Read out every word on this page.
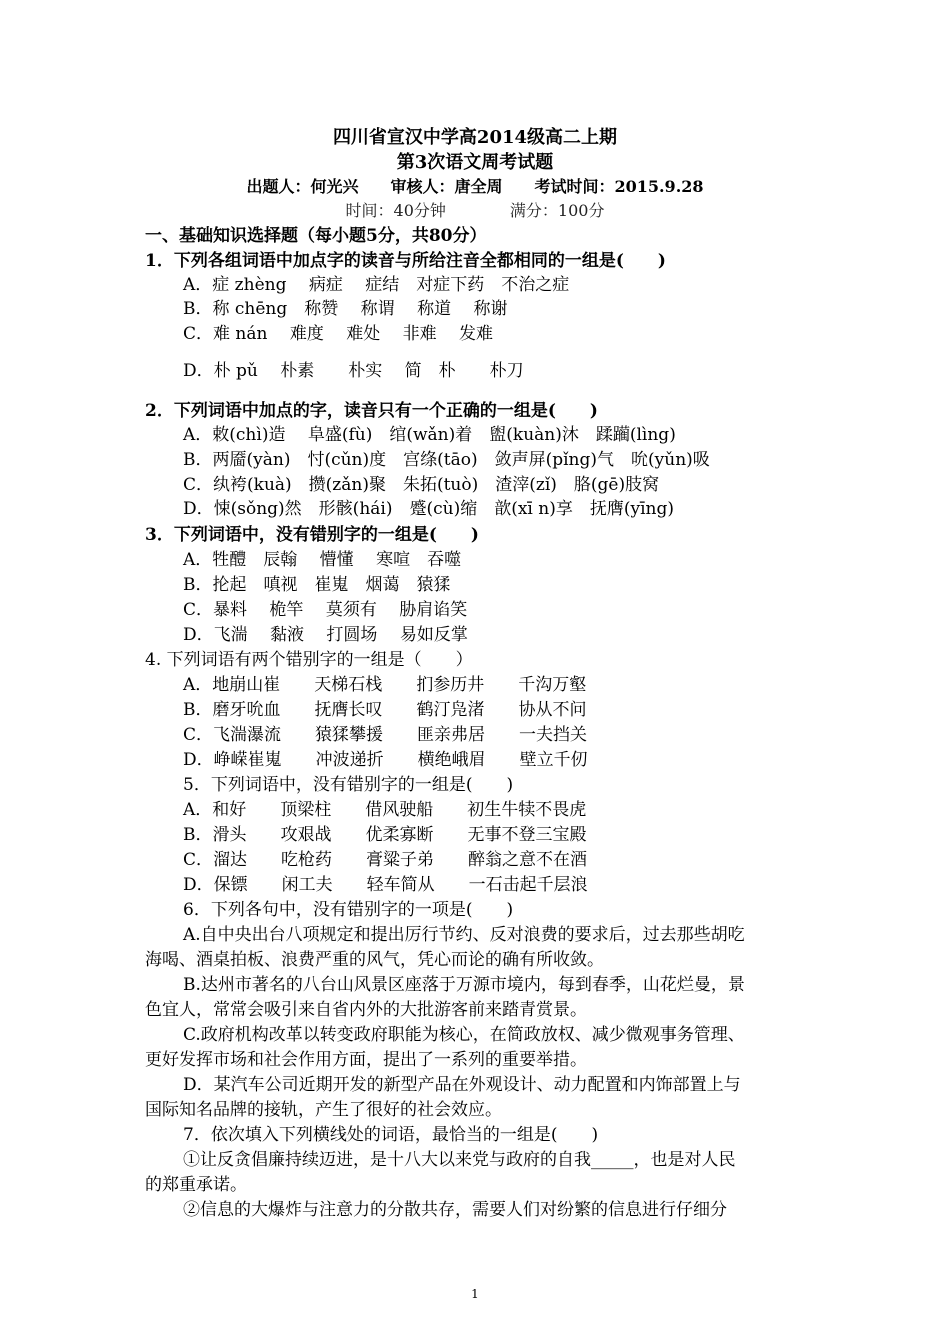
四川省宣汉中学高2014级高二上期
第3次语文周考试题
出题人：何光兴　　审核人：唐全周　　考试时间：2015.9.28
时间：40分钟　　　　满分：100分
一、基础知识选择题（每小题5分，共80分）
1．下列各组词语中加点字的读音与所给注音全都相同的一组是(　　)
A．症 zhèng　 病症　 症结　对症下药　不治之症
B．称 chēng　称赞　 称谓　 称道　 称谢
C．难 nán　 难度　 难处　 非难　 发难
D．朴 pǔ　 朴素　　朴实　 简　朴　　朴刀
2．下列词语中加点的字，读音只有一个正确的一组是(　　)
A．敕(chì)造　 阜盛(fù)　绾(wǎn)着　盥(kuàn)沐　蹂躏(lìng)
B．两靥(yàn)　忖(cǔn)度　宫绦(tāo)　敛声屏(pǐng)气　吮(yǔn)吸
C．纨袴(kuà)　攒(zǎn)聚　朱拓(tuò)　渣滓(zǐ)　胳(gē)肢窝
D．悚(sǒng)然　形骸(hái)　蹙(cù)缩　歆(xī n)享　抚膺(yīng)
3．下列词语中，没有错别字的一组是(　　)
A．牲醴　辰翰　 懵懂　 寒喧　吞噬
B．抡起　嗔视　崔嵬　烟蔼　猿猱
C．暴料　 桅竿　 莫须有　 胁肩谄笑
D．飞湍　 黏液　 打圆场　 易如反掌
4. 下列词语有两个错别字的一组是（　　）
A．地崩山崔　　天梯石栈　　扪参历井　　千沟万壑
B．磨牙吮血　　抚膺长叹　　鹤汀凫渚　　协从不问
C．飞湍瀑流　　猿猱攀援　　匪亲弗居　　一夫挡关
D．峥嵘崔嵬　　冲波递折　　横绝峨眉　　壁立千仞
5．下列词语中，没有错别字的一组是(　　)
A．和好　　顶梁柱　　借风驶船　　初生牛犊不畏虎
B．滑头　　攻艰战　　优柔寡断　　无事不登三宝殿
C．溜达　　吃枪药　　膏粱子弟　　醉翁之意不在酒
D．保镖　　闲工夫　　轻车简从　　一石击起千层浪
6．下列各句中，没有错别字的一项是(　　)
A.自中央出台八项规定和提出厉行节约、反对浪费的要求后，过去那些胡吃
海喝、酒桌拍板、浪费严重的风气，凭心而论的确有所收敛。
B.达州市著名的八台山风景区座落于万源市境内，每到春季，山花烂曼，景
色宜人，常常会吸引来自省内外的大批游客前来踏青赏景。
C.政府机构改革以转变政府职能为核心，在简政放权、减少微观事务管理、
更好发挥市场和社会作用方面，提出了一系列的重要举措。
D．某汽车公司近期开发的新型产品在外观设计、动力配置和内饰部置上与
国际知名品牌的接轨，产生了很好的社会效应。
7．依次填入下列横线处的词语，最恰当的一组是(　　)
①让反贪倡廉持续迈进，是十八大以来党与政府的自我_____，也是对人民
的郑重承诺。
②信息的大爆炸与注意力的分散共存，需要人们对纷繁的信息进行仔细分
1
